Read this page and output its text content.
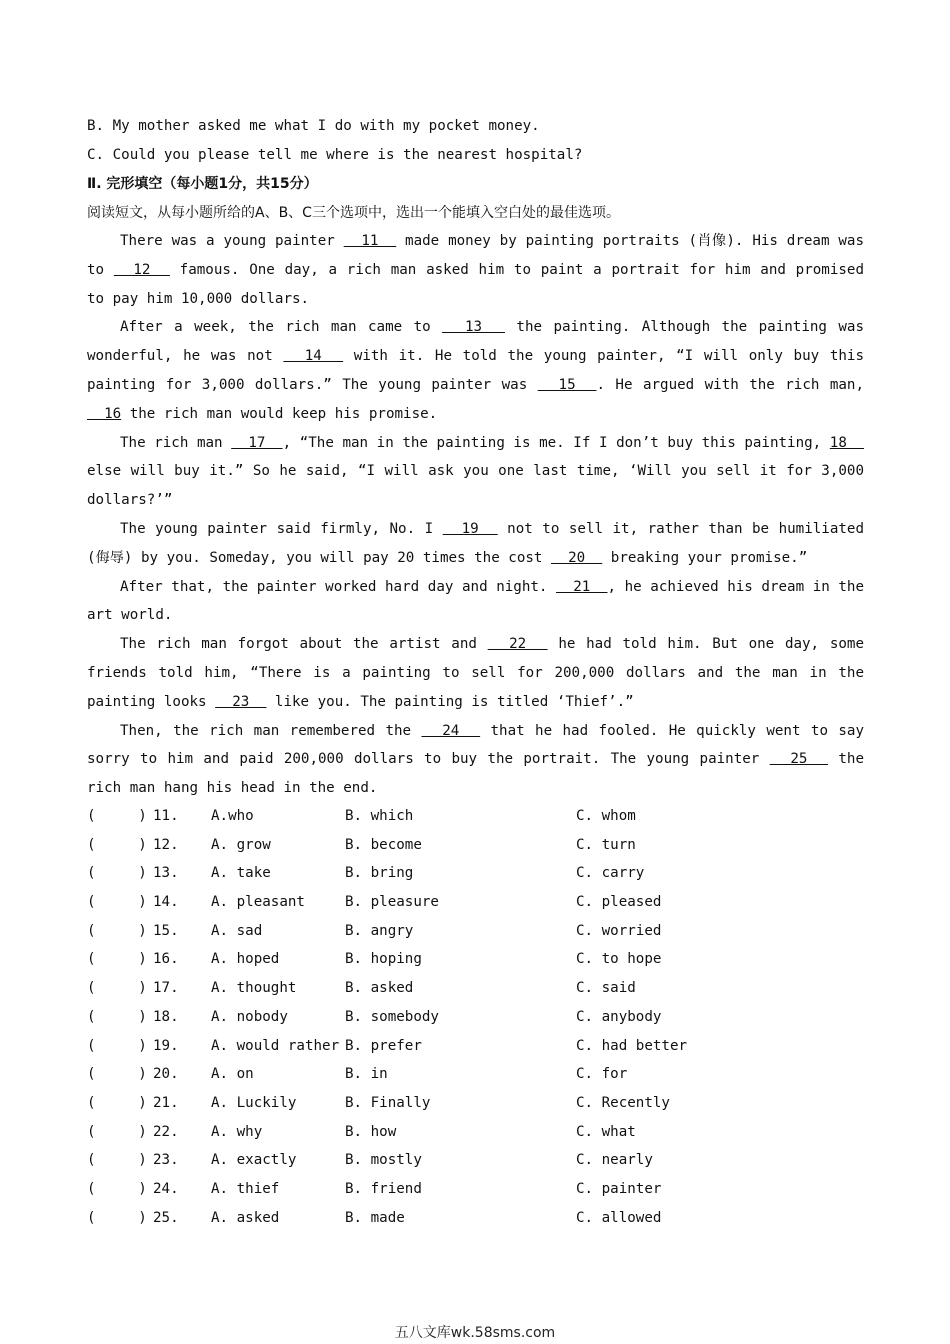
B. My mother asked me what I do with my pocket money.
C. Could you please tell me where is the nearest hospital?
Ⅱ. 完形填空（每小题1分，共15分）
阅读短文，从每小题所给的A、B、C三个选项中，选出一个能填入空白处的最佳选项。

There was a young painter   11   made money by painting portraits (肖像). His dream was to   12   famous. One day, a rich man asked him to paint a portrait for him and promised to pay him 10,000 dollars.

After a week, the rich man came to   13   the painting. Although the painting was wonderful, he was not   14   with it. He told the young painter, “I will only buy this painting for 3,000 dollars.” The young painter was   15  . He argued with the rich man,   16 the rich man would keep his promise.

The rich man   17  , “The man in the painting is me. If I don’t buy this painting, 18   else will buy it.” So he said, “I will ask you one last time, ‘Will you sell it for 3,000 dollars?’”

The young painter said firmly, No. I   19   not to sell it, rather than be humiliated (侮辱) by you. Someday, you will pay 20 times the cost   20   breaking your promise.”

After that, the painter worked hard day and night.   21  , he achieved his dream in the art world.

The rich man forgot about the artist and   22   he had told him. But one day, some friends told him, “There is a painting to sell for 200,000 dollars and the man in the painting looks   23   like you. The painting is titled ‘Thief’.”

Then, the rich man remembered the   24   that he had fooled. He quickly went to say sorry to him and paid 200,000 dollars to buy the portrait. The young painter   25   the rich man hang his head in the end.

(     ) 11. A.who	B. which	C. whom
(     ) 12. A. grow	B. become	C. turn
(     ) 13. A. take	B. bring	C. carry
(     ) 14. A. pleasant	B. pleasure	C. pleased
(     ) 15. A. sad	B. angry	C. worried
(     ) 16. A. hoped	B. hoping	C. to hope
(     ) 17. A. thought	B. asked	C. said
(     ) 18. A. nobody	B. somebody	C. anybody
(     ) 19. A. would rather B. prefer	C. had better
(     ) 20. A. on	B. in	C. for
(     ) 21. A. Luckily	B. Finally	C. Recently
(     ) 22. A. why	B. how	C. what
(     ) 23. A. exactly	B. mostly	C. nearly
(     ) 24. A. thief	B. friend	C. painter
(     ) 25. A. asked	B. made	C. allowed
五八文库wk.58sms.com
